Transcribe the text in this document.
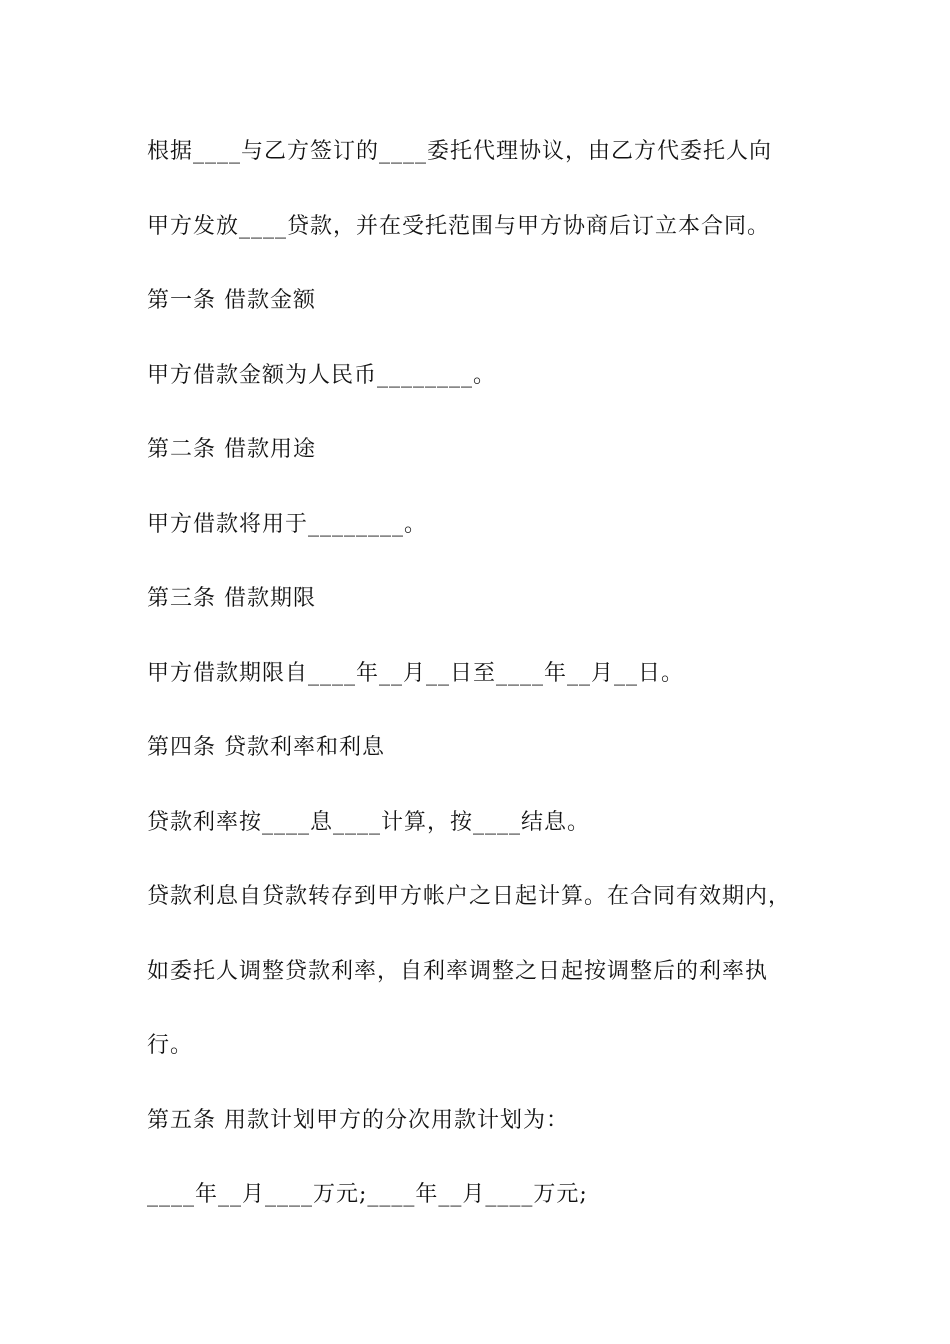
根据____与乙方签订的____委托代理协议，由乙方代委托人向

甲方发放____贷款，并在受托范围与甲方协商后订立本合同。

第一条 借款金额

甲方借款金额为人民币________。

第二条 借款用途

甲方借款将用于________。

第三条 借款期限

甲方借款期限自____年__月__日至____年__月__日。

第四条 贷款利率和利息

贷款利率按____息____计算，按____结息。

贷款利息自贷款转存到甲方帐户之日起计算。在合同有效期内，

如委托人调整贷款利率，自利率调整之日起按调整后的利率执

行。

第五条 用款计划甲方的分次用款计划为：

____年__月____万元;____年__月____万元;
